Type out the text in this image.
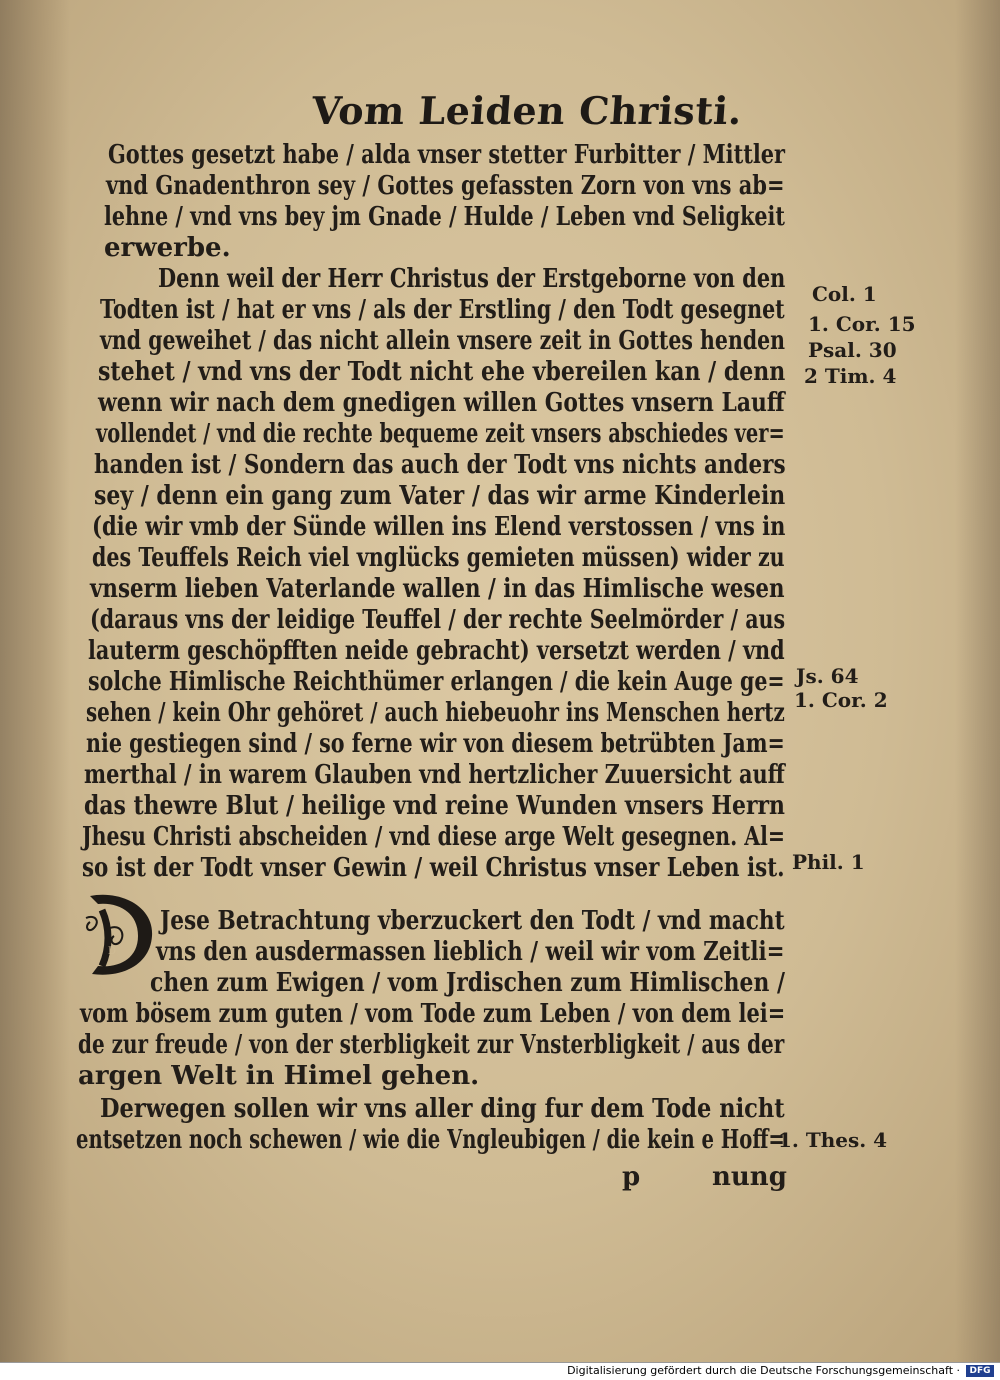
Vom Leiden Christi.
Gottes gesetzt habe / alda vnser stetter Furbitter / Mittler
vnd Gnadenthron sey / Gottes gefassten Zorn von vns ab=
lehne / vnd vns bey jm Gnade / Hulde / Leben vnd Seligkeit
erwerbe.
Denn weil der Herr Christus der Erstgeborne von den
Todten ist / hat er vns / als der Erstling / den Todt gesegnet
vnd geweihet / das nicht allein vnsere zeit in Gottes henden
stehet / vnd vns der Todt nicht ehe vbereilen kan / denn
wenn wir nach dem gnedigen willen Gottes vnsern Lauff
vollendet / vnd die rechte bequeme zeit vnsers abschiedes ver=
handen ist / Sondern das auch der Todt vns nichts anders
sey / denn ein gang zum Vater / das wir arme Kinderlein
(die wir vmb der Sünde willen ins Elend verstossen / vns in
des Teuffels Reich viel vnglücks gemieten müssen) wider zu
vnserm lieben Vaterlande wallen / in das Himlische wesen
(daraus vns der leidige Teuffel / der rechte Seelmörder / aus
lauterm geschöpfften neide gebracht) versetzt werden / vnd
solche Himlische Reichthümer erlangen / die kein Auge ge=
sehen / kein Ohr gehöret / auch hiebeuohr ins Menschen hertz
nie gestiegen sind / so ferne wir von diesem betrübten Jam=
merthal / in warem Glauben vnd hertzlicher Zuuersicht auff
das thewre Blut / heilige vnd reine Wunden vnsers Herrn
Jhesu Christi abscheiden / vnd diese arge Welt gesegnen. Al=
so ist der Todt vnser Gewin / weil Christus vnser Leben ist.
D
Jese Betrachtung vberzuckert den Todt / vnd macht
vns den ausdermassen lieblich / weil wir vom Zeitli=
chen zum Ewigen / vom Jrdischen zum Himlischen /
vom bösem zum guten / vom Tode zum Leben / von dem lei=
de zur freude / von der sterbligkeit zur Vnsterbligkeit / aus der
argen Welt in Himel gehen.
Derwegen sollen wir vns aller ding fur dem Tode nicht
entsetzen noch schewen / wie die Vngleubigen / die kein e Hoff=
p	nung
Col. 1
1. Cor. 15
Psal. 30
2 Tim. 4
Js. 64
1. Cor. 2
Phil. 1
1. Thes. 4
Digitalisierung gefördert durch die Deutsche Forschungsgemeinschaft ·	DFG
